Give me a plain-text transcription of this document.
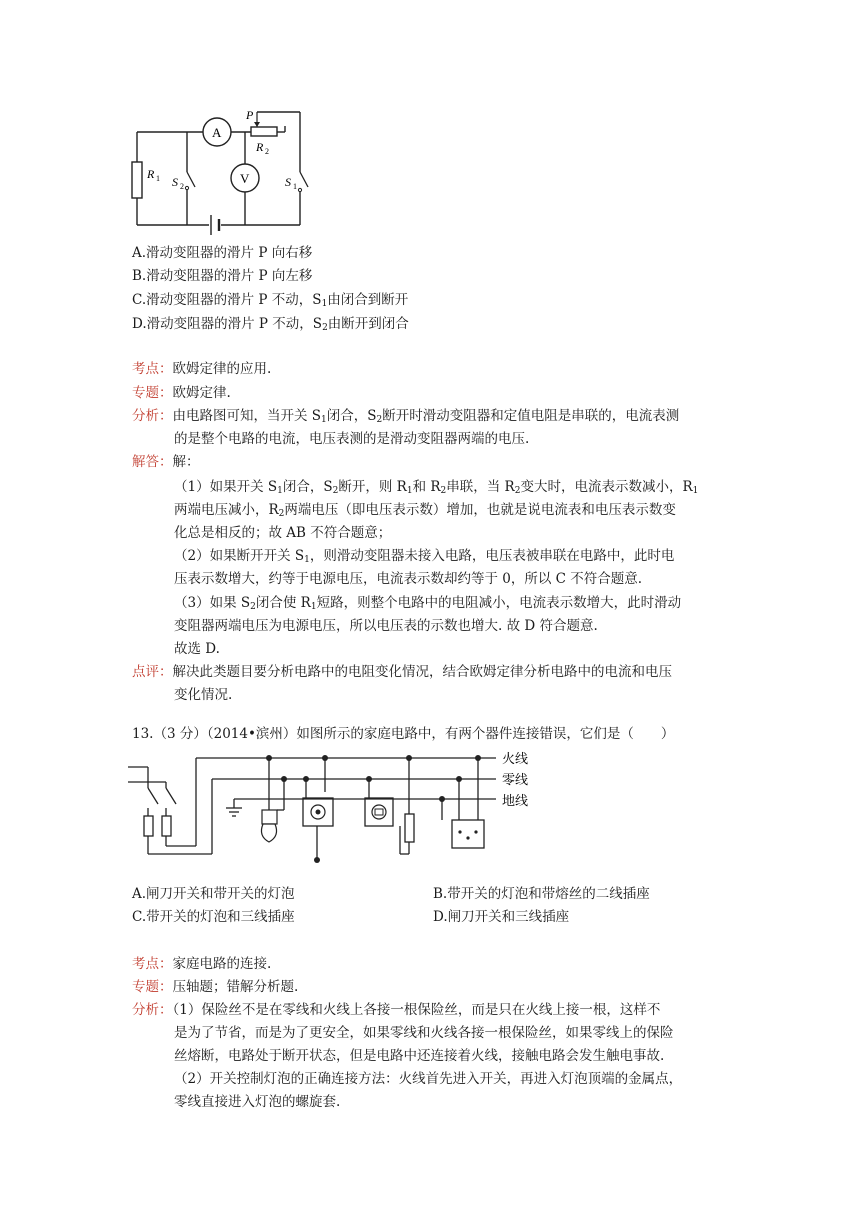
A
V
P
R 2
R 1 S 2	S 1
A.滑动变阻器的滑片 P 向右移
B.滑动变阻器的滑片 P 向左移
C.滑动变阻器的滑片 P 不动，$S_1$由闭合到断开
D.滑动变阻器的滑片 P 不动，$S_2$由断开到闭合
考点：欧姆定律的应用.
专题：欧姆定律.
分析：由电路图可知，当开关 $S_1$闭合，$S_2$断开时滑动变阻器和定值电阻是串联的，电流表测
的是整个电路的电流，电压表测的是滑动变阻器两端的电压.
解答：解：
（1）如果开关 $S_1$闭合，$S_2$断开，则 $R_1$和 $R_2$串联，当 $R_2$变大时，电流表示数减小，$R_1$
两端电压减小，$R_2$两端电压（即电压表示数）增加，也就是说电流表和电压表示数变
化总是相反的；故 AB 不符合题意；
（2）如果断开开关 $S_1$，则滑动变阻器未接入电路，电压表被串联在电路中，此时电
压表示数增大，约等于电源电压，电流表示数却约等于 0，所以 C 不符合题意.
（3）如果 $S_2$闭合使 $R_1$短路，则整个电路中的电阻减小，电流表示数增大，此时滑动
变阻器两端电压为电源电压，所以电压表的示数也增大. 故 D 符合题意.
故选 D.
点评：解决此类题目要分析电路中的电阻变化情况，结合欧姆定律分析电路中的电流和电压
变化情况.
13.（3 分）（2014•滨州）如图所示的家庭电路中，有两个器件连接错误，它们是（　　）
火线
零线
地线
A.闸刀开关和带开关的灯泡	B.带开关的灯泡和带熔丝的二线插座
C.带开关的灯泡和三线插座	D.闸刀开关和三线插座
考点：家庭电路的连接.
专题：压轴题；错解分析题.
分析：（1）保险丝不是在零线和火线上各接一根保险丝，而是只在火线上接一根，这样不
是为了节省，而是为了更安全，如果零线和火线各接一根保险丝，如果零线上的保险
丝熔断，电路处于断开状态，但是电路中还连接着火线，接触电路会发生触电事故.
（2）开关控制灯泡的正确连接方法：火线首先进入开关，再进入灯泡顶端的金属点，
零线直接进入灯泡的螺旋套.
